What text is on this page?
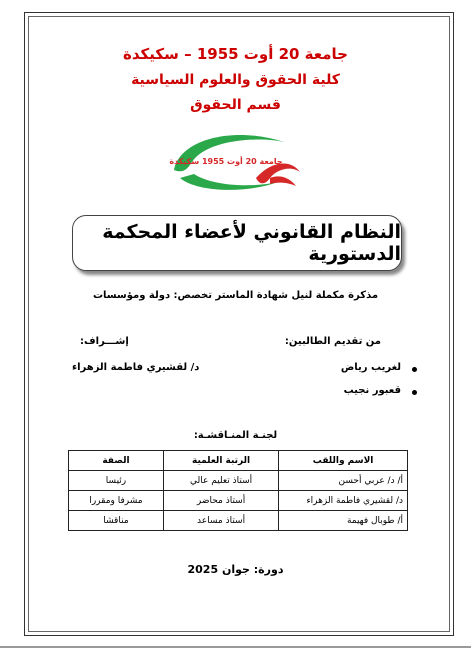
جامعة 20 أوت 1955 – سكيكدة
كلية الحقوق والعلوم السياسية
قسم الحقوق
جامعة 20 أوت 1955 سكيكدة
النظام القانوني لأعضاء المحكمة الدستورية
مذكرة مكملة لنيل شهادة الماستر تخصص: دولة ومؤسسات
من تقديم الطالبين:
إشـــراف:
لغريب رياض
د/ لقشيري فاطمة الزهراء
قعبور نجيب
لجنـة المنـاقشـة:
الاسم واللقب	الرتبة العلمية	الصفة
أ/ د/ عربي أحسن	أستاذ تعليم عالي	رئيسا
د/ لقشيري فاطمة الزهراء	أستاذ محاضر	مشرفا ومقررا
أ/ طوبال فهيمة	أستاذ مساعد	مناقشا
دورة: جوان 2025
